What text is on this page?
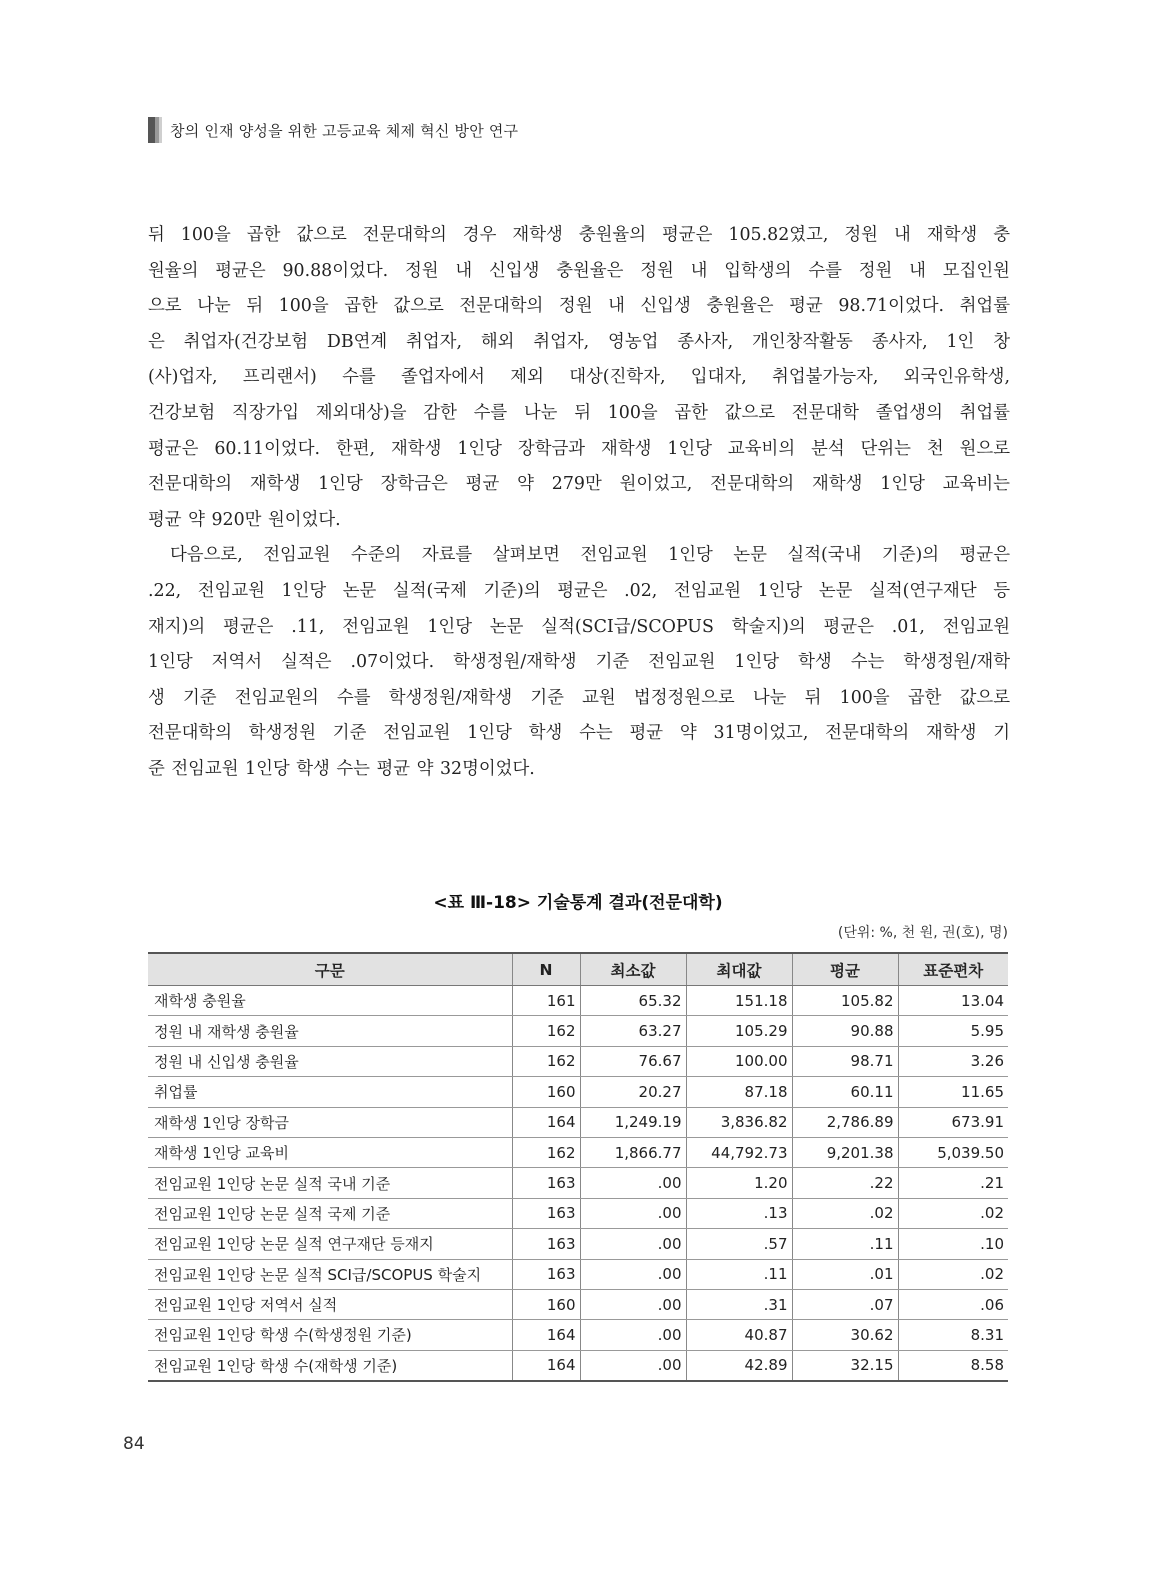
창의 인재 양성을 위한 고등교육 체제 혁신 방안 연구

뒤 100을 곱한 값으로 전문대학의 경우 재학생 충원율의 평균은 105.82였고, 정원 내 재학생 충
원율의 평균은 90.88이었다. 정원 내 신입생 충원율은 정원 내 입학생의 수를 정원 내 모집인원
으로 나눈 뒤 100을 곱한 값으로 전문대학의 정원 내 신입생 충원율은 평균 98.71이었다. 취업률
은 취업자(건강보험 DB연계 취업자, 해외 취업자, 영농업 종사자, 개인창작활동 종사자, 1인 창
(사)업자, 프리랜서) 수를 졸업자에서 제외 대상(진학자, 입대자, 취업불가능자, 외국인유학생,
건강보험 직장가입 제외대상)을 감한 수를 나눈 뒤 100을 곱한 값으로 전문대학 졸업생의 취업률
평균은 60.11이었다. 한편, 재학생 1인당 장학금과 재학생 1인당 교육비의 분석 단위는 천 원으로
전문대학의 재학생 1인당 장학금은 평균 약 279만 원이었고, 전문대학의 재학생 1인당 교육비는
평균 약 920만 원이었다.

다음으로, 전임교원 수준의 자료를 살펴보면 전임교원 1인당 논문 실적(국내 기준)의 평균은
.22, 전임교원 1인당 논문 실적(국제 기준)의 평균은 .02, 전임교원 1인당 논문 실적(연구재단 등
재지)의 평균은 .11, 전임교원 1인당 논문 실적(SCI급/SCOPUS 학술지)의 평균은 .01, 전임교원
1인당 저역서 실적은 .07이었다. 학생정원/재학생 기준 전임교원 1인당 학생 수는 학생정원/재학
생 기준 전임교원의 수를 학생정원/재학생 기준 교원 법정정원으로 나눈 뒤 100을 곱한 값으로
전문대학의 학생정원 기준 전임교원 1인당 학생 수는 평균 약 31명이었고, 전문대학의 재학생 기
준 전임교원 1인당 학생 수는 평균 약 32명이었다.

<표 Ⅲ-18> 기술통계 결과(전문대학)
(단위: %, 천 원, 권(호), 명)
구문	N	최소값	최대값	평균	표준편차
재학생 충원율	161	65.32	151.18	105.82	13.04
정원 내 재학생 충원율	162	63.27	105.29	90.88	5.95
정원 내 신입생 충원율	162	76.67	100.00	98.71	3.26
취업률	160	20.27	87.18	60.11	11.65
재학생 1인당 장학금	164	1,249.19	3,836.82	2,786.89	673.91
재학생 1인당 교육비	162	1,866.77	44,792.73	9,201.38	5,039.50
전임교원 1인당 논문 실적 국내 기준	163	.00	1.20	.22	.21
전임교원 1인당 논문 실적 국제 기준	163	.00	.13	.02	.02
전임교원 1인당 논문 실적 연구재단 등재지	163	.00	.57	.11	.10
전임교원 1인당 논문 실적 SCI급/SCOPUS 학술지	163	.00	.11	.01	.02
전임교원 1인당 저역서 실적	160	.00	.31	.07	.06
전임교원 1인당 학생 수(학생정원 기준)	164	.00	40.87	30.62	8.31
전임교원 1인당 학생 수(재학생 기준)	164	.00	42.89	32.15	8.58
84
